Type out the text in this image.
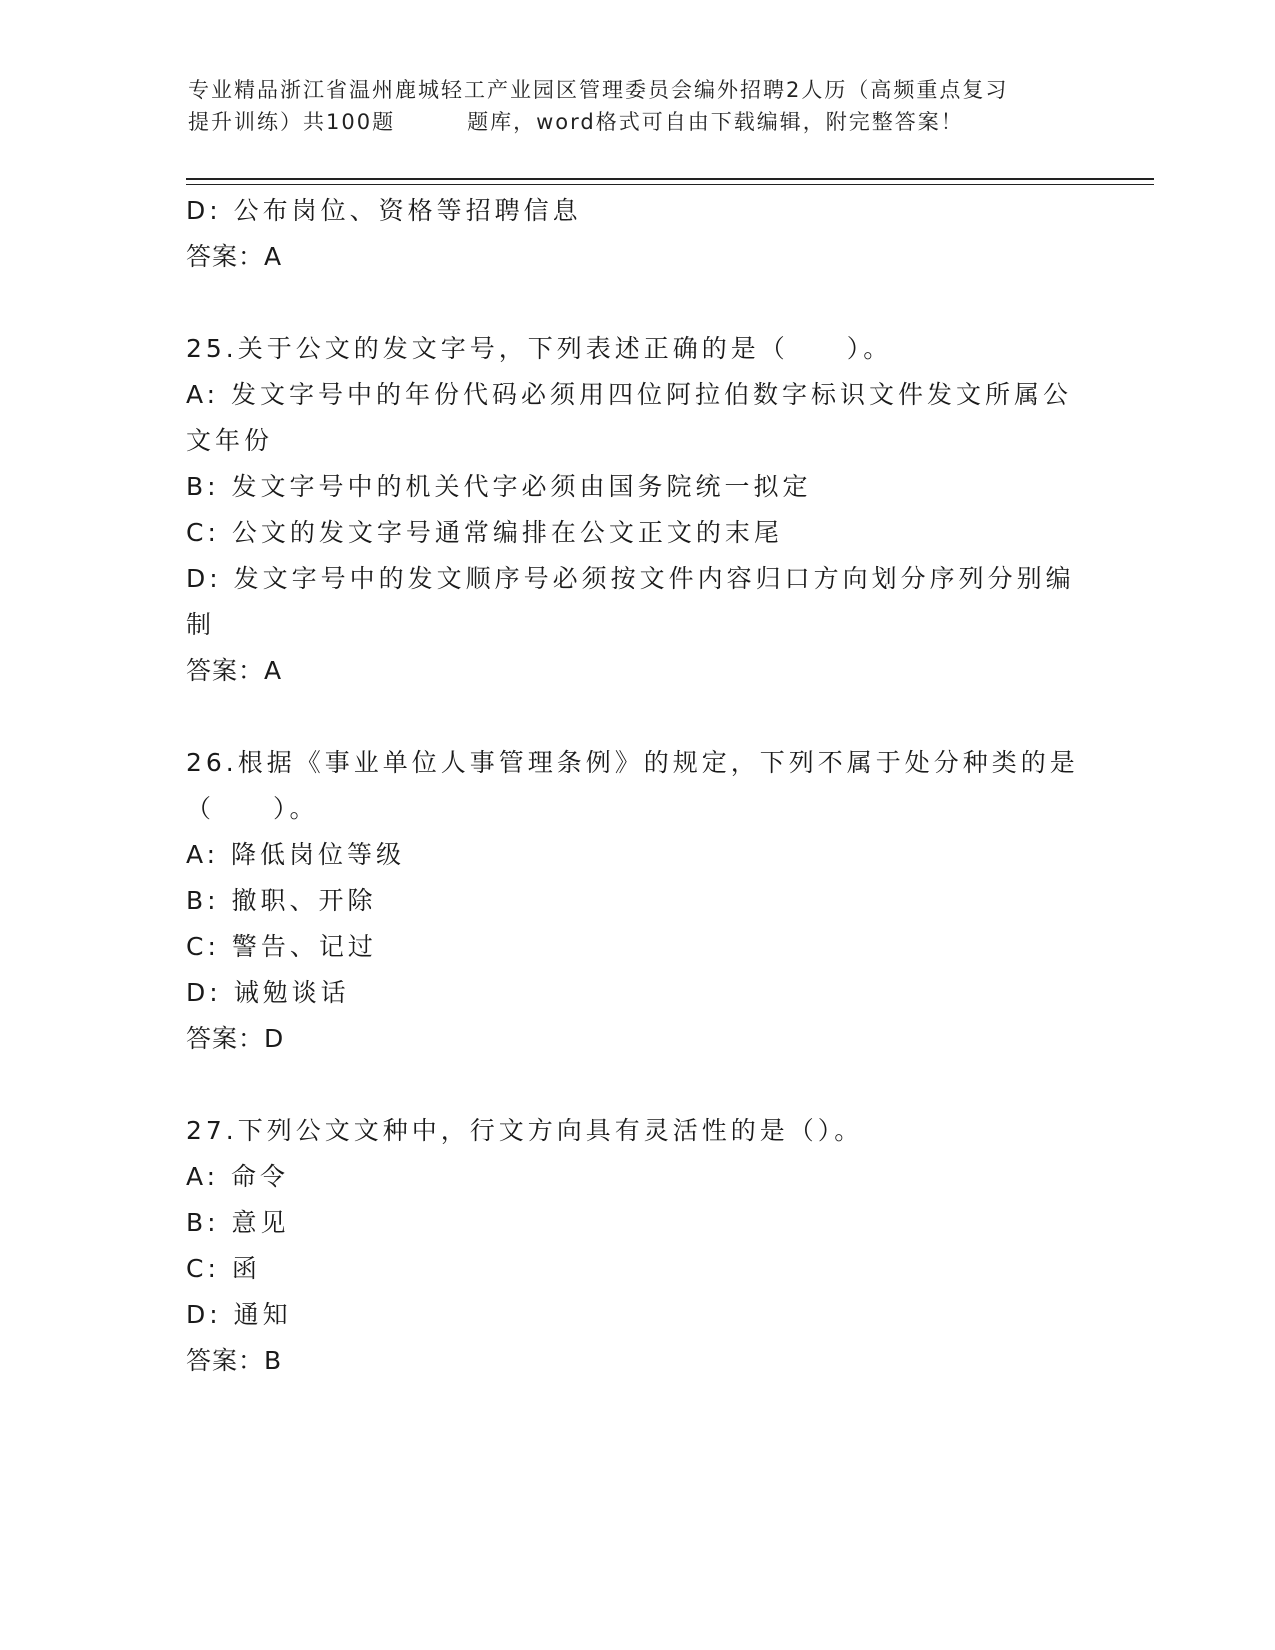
专业精品浙江省温州鹿城轻工产业园区管理委员会编外招聘2人历（高频重点复习
提升训练）共100题	题库，word格式可自由下载编辑，附完整答案！
D: 公布岗位、资格等招聘信息
答案：A
25.关于公文的发文字号，下列表述正确的是（　　）。
A: 发文字号中的年份代码必须用四位阿拉伯数字标识文件发文所属公
文年份
B: 发文字号中的机关代字必须由国务院统一拟定
C: 公文的发文字号通常编排在公文正文的末尾
D: 发文字号中的发文顺序号必须按文件内容归口方向划分序列分别编
制
答案：A
26.根据《事业单位人事管理条例》的规定，下列不属于处分种类的是
（　　）。
A: 降低岗位等级
B: 撤职、开除
C: 警告、记过
D: 诫勉谈话
答案：D
27.下列公文文种中，行文方向具有灵活性的是（）。
A: 命令
B: 意见
C: 函
D: 通知
答案：B
